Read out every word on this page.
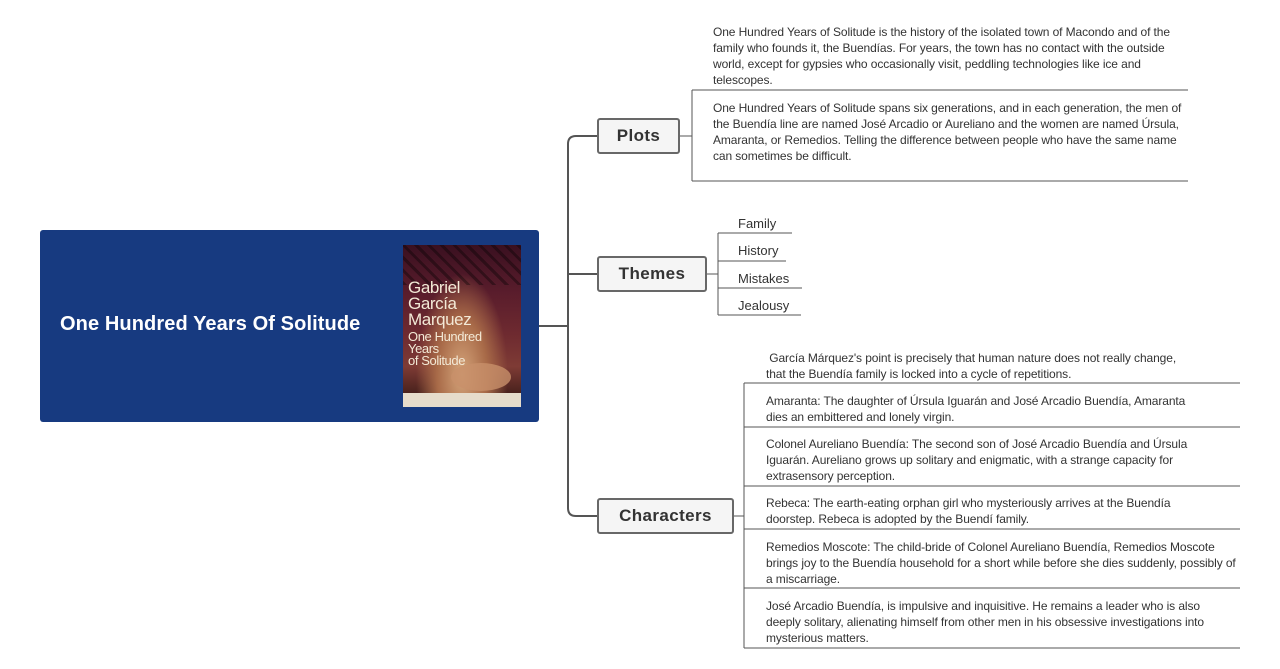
One Hundred Years Of Solitude
Gabriel
García
Marquez
One Hundred
Years
of Solitude
Plots
Themes
Characters
One Hundred Years of Solitude is the history of the isolated town of Macondo and of the family who founds it, the Buendías. For years, the town has no contact with the outside world, except for gypsies who occasionally visit, peddling technologies like ice and telescopes.
One Hundred Years of Solitude spans six generations, and in each generation, the men of the Buendía line are named José Arcadio or Aureliano and the women are named Úrsula, Amaranta, or Remedios. Telling the difference between people who have the same name can sometimes be difficult.
Family
History
Mistakes
Jealousy
García Márquez's point is precisely that human nature does not really change, that the Buendía family is locked into a cycle of repetitions.
Amaranta: The daughter of Úrsula Iguarán and José Arcadio Buendía, Amaranta dies an embittered and lonely virgin.
Colonel Aureliano Buendía: The second son of José Arcadio Buendía and Úrsula Iguarán. Aureliano grows up solitary and enigmatic, with a strange capacity for extrasensory perception.
Rebeca: The earth-eating orphan girl who mysteriously arrives at the Buendía doorstep. Rebeca is adopted by the Buendí family.
Remedios Moscote: The child-bride of Colonel Aureliano Buendía, Remedios Moscote brings joy to the Buendía household for a short while before she dies suddenly, possibly of a miscarriage.
José Arcadio Buendía, is impulsive and inquisitive. He remains a leader who is also deeply solitary, alienating himself from other men in his obsessive investigations into mysterious matters.
